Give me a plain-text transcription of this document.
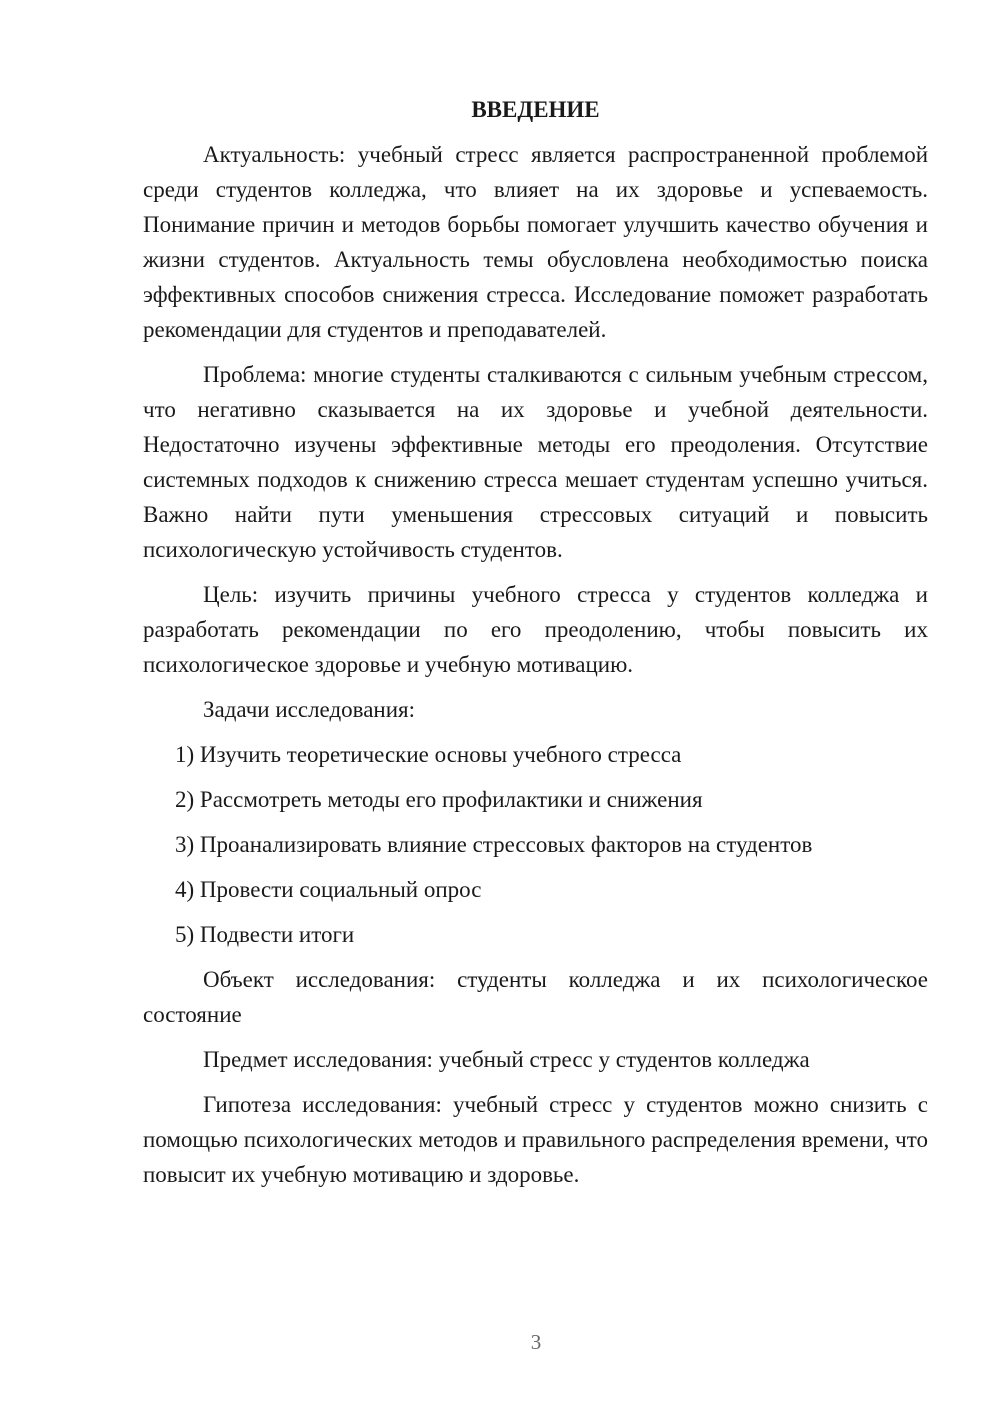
ВВЕДЕНИЕ

Актуальность: учебный стресс является распространенной проблемой среди студентов колледжа, что влияет на их здоровье и успеваемость. Понимание причин и методов борьбы помогает улучшить качество обучения и жизни студентов. Актуальность темы обусловлена необходимостью поиска эффективных способов снижения стресса. Исследование поможет разработать рекомендации для студентов и преподавателей.

Проблема: многие студенты сталкиваются с сильным учебным стрессом, что негативно сказывается на их здоровье и учебной деятельности. Недостаточно изучены эффективные методы его преодоления. Отсутствие системных подходов к снижению стресса мешает студентам успешно учиться. Важно найти пути уменьшения стрессовых ситуаций и повысить психологическую устойчивость студентов.

Цель: изучить причины учебного стресса у студентов колледжа и разработать рекомендации по его преодолению, чтобы повысить их психологическое здоровье и учебную мотивацию.

Задачи исследования:

1) Изучить теоретические основы учебного стресса
2) Рассмотреть методы его профилактики и снижения
3) Проанализировать влияние стрессовых факторов на студентов
4) Провести социальный опрос
5) Подвести итоги

Объект исследования: студенты колледжа и их психологическое состояние

Предмет исследования: учебный стресс у студентов колледжа

Гипотеза исследования: учебный стресс у студентов можно снизить с помощью психологических методов и правильного распределения времени, что повысит их учебную мотивацию и здоровье.

3
